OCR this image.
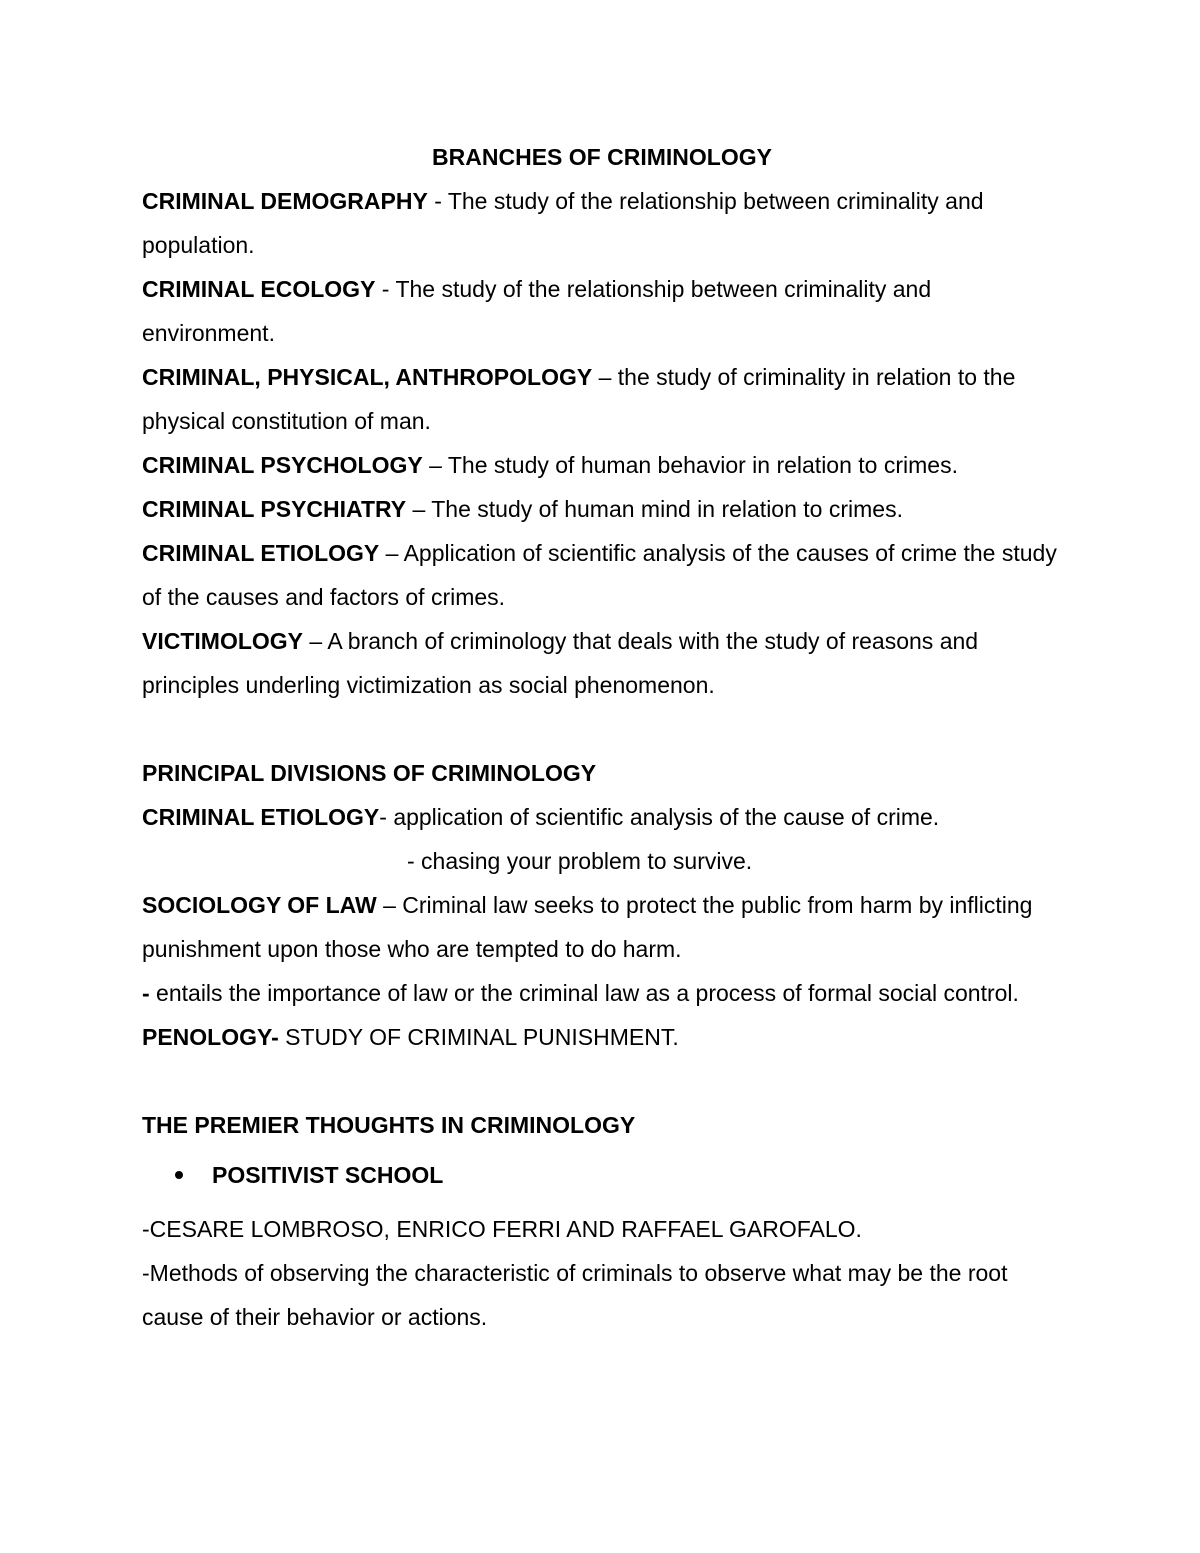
BRANCHES OF CRIMINOLOGY

CRIMINAL DEMOGRAPHY - The study of the relationship between criminality and population.

CRIMINAL ECOLOGY - The study of the relationship between criminality and environment.

CRIMINAL, PHYSICAL, ANTHROPOLOGY – the study of criminality in relation to the physical constitution of man.

CRIMINAL PSYCHOLOGY – The study of human behavior in relation to crimes.

CRIMINAL PSYCHIATRY – The study of human mind in relation to crimes.

CRIMINAL ETIOLOGY – Application of scientific analysis of the causes of crime the study of the causes and factors of crimes.

VICTIMOLOGY – A branch of criminology that deals with the study of reasons and principles underling victimization as social phenomenon.

PRINCIPAL DIVISIONS OF CRIMINOLOGY

CRIMINAL ETIOLOGY- application of scientific analysis of the cause of crime.

- chasing your problem to survive.

SOCIOLOGY OF LAW – Criminal law seeks to protect the public from harm by inflicting punishment upon those who are tempted to do harm.

- entails the importance of law or the criminal law as a process of formal social control.

PENOLOGY- STUDY OF CRIMINAL PUNISHMENT.

THE PREMIER THOUGHTS IN CRIMINOLOGY

POSITIVIST SCHOOL

-CESARE LOMBROSO, ENRICO FERRI AND RAFFAEL GAROFALO.

-Methods of observing the characteristic of criminals to observe what may be the root cause of their behavior or actions.
